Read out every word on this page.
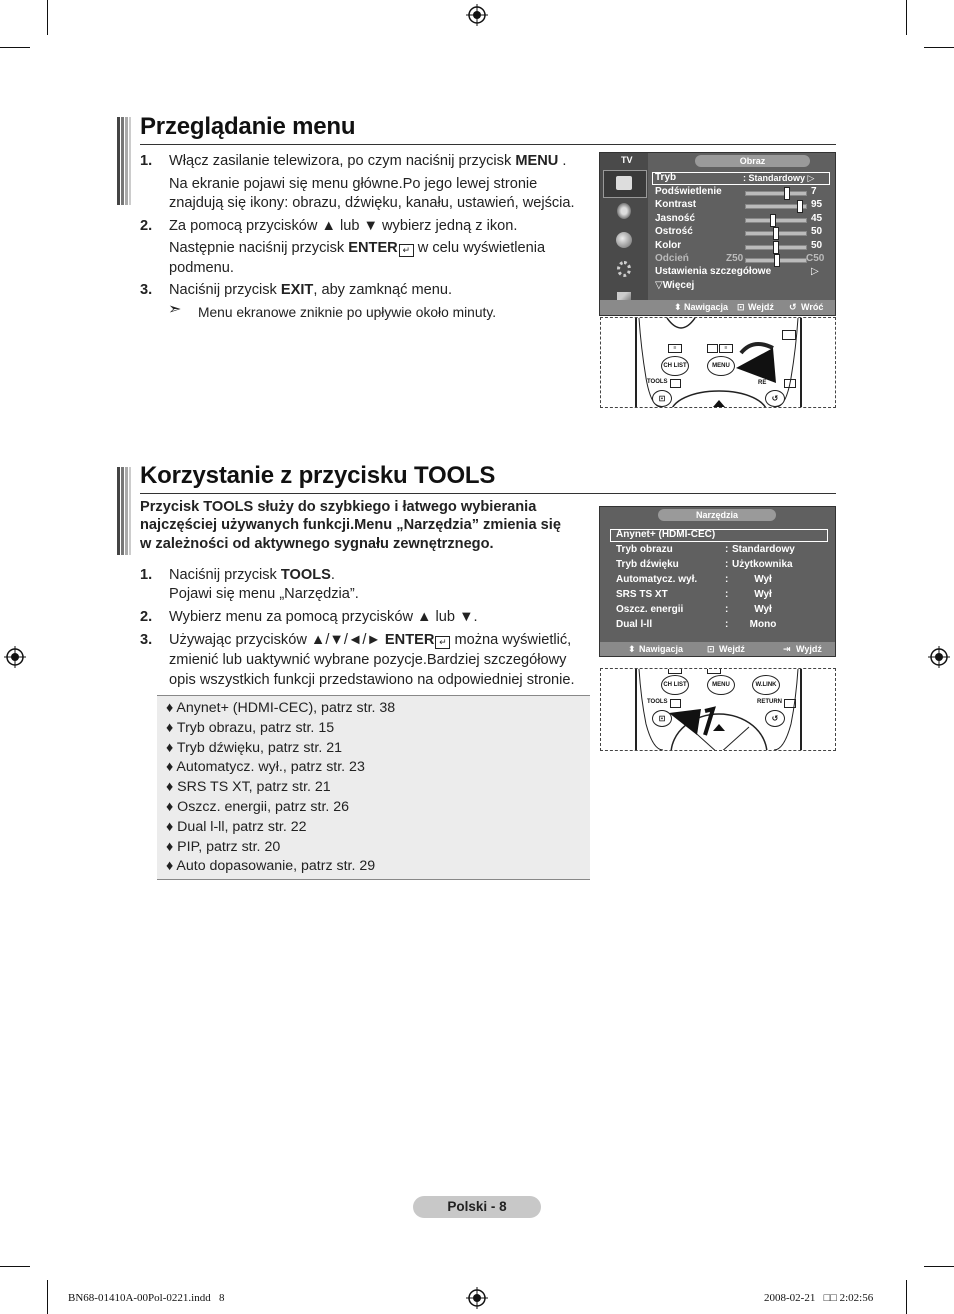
Przeglądanie menu
1. Włącz zasilanie telewizora, po czym naciśnij przycisk MENU .
Na ekranie pojawi się menu główne.Po jego lewej stronie
znajdują się ikony: obrazu, dźwięku, kanału, ustawień, wejścia.
2. Za pomocą przycisków ▲ lub ▼ wybierz jedną z ikon.
Następnie naciśnij przycisk ENTER ↵ w celu wyświetlenia
podmenu.
3. Naciśnij przycisk EXIT, aby zamknąć menu.
➣ Menu ekranowe zniknie po upływie około minuty.
TV	Obraz
Tryb	: Standardowy ▷
Podświetlenie	7
Kontrast	95
Jasność	45
Ostrość	50
Kolor	50
Odcień	Z50	C50
Ustawienia szczegółowe	▷
▽Więcej
⬍ Nawigacja ⊡ Wejdź ↺ Wróć
≡	≡
CH LIST	MENU
TOOLS	RE
⊡	↺
Korzystanie z przycisku TOOLS
Przycisk TOOLS służy do szybkiego i łatwego wybierania
najczęściej używanych funkcji.Menu „Narzędzia” zmienia się
w zależności od aktywnego sygnału zewnętrznego.
1. Naciśnij przycisk TOOLS.
Pojawi się menu „Narzędzia”.
2. Wybierz menu za pomocą przycisków ▲ lub ▼.
3. Używając przycisków ▲/▼/◄/► ENTER ↵ można wyświetlić,
zmienić lub uaktywnić wybrane pozycje.Bardziej szczegółowy
opis wszystkich funkcji przedstawiono na odpowiedniej stronie.
♦ Anynet+ (HDMI-CEC), patrz str. 38
♦ Tryb obrazu, patrz str. 15
♦ Tryb dźwięku, patrz str. 21
♦ Automatycz. wył., patrz str. 23
♦ SRS TS XT, patrz str. 21
♦ Oszcz. energii, patrz str. 26
♦ Dual l-ll, patrz str. 22
♦ PIP, patrz str. 20
♦ Auto dopasowanie, patrz str. 29
Narzędzia
Anynet+ (HDMI-CEC)
Tryb obrazu	: Standardowy
Tryb dźwięku	: Użytkownika
Automatycz. wył.	:	Wył
SRS TS XT	:	Wył
Oszcz. energii	:	Wył
Dual l-ll	:	Mono
⬍ Nawigacja	⊡ Wejdź	⇥ Wyjdź
CH LIST	MENU	W.LINK
TOOLS	RETURN
⊡	↺
Polski - 8
BN68-01410A-00Pol-0221.indd   8	2008-02-21   □□ 2:02:56
